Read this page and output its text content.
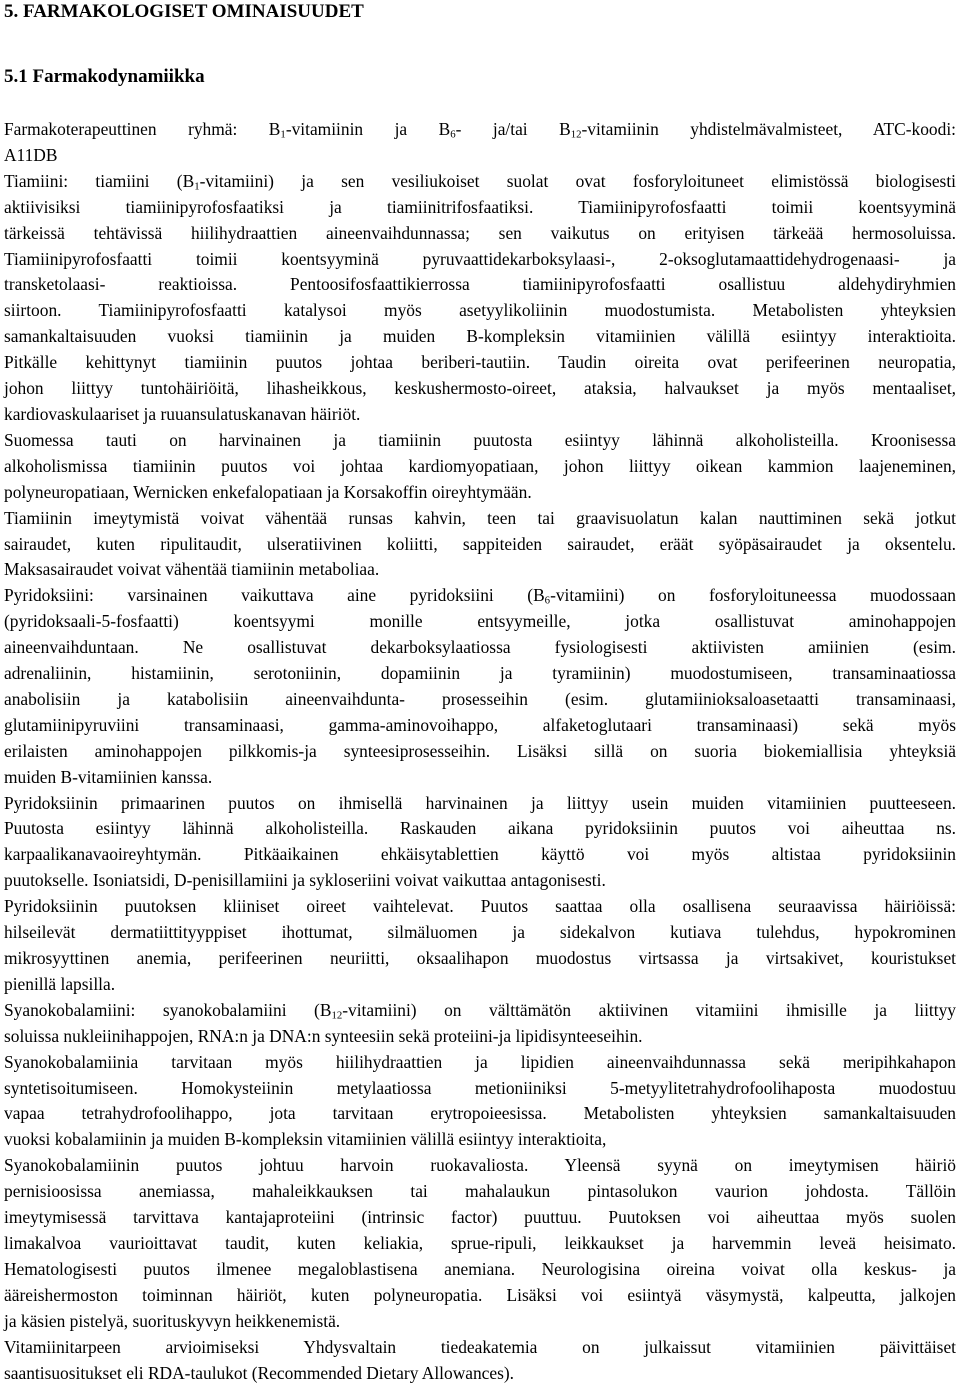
5. FARMAKOLOGISET OMINAISUUDET
5.1 Farmakodynamiikka
Farmakoterapeuttinen ryhmä: $B_1$-vitamiinin ja $B_6-$ ja/tai $B_{12}$-vitamiinin yhdistelmävalmisteet, ATC-koodi:
A11DB
Tiamiini: tiamiini $(B_1-vitamiini)$ ja sen vesiliukoiset suolat ovat fosforyloituneet elimistössä biologisesti
aktiivisiksi tiamiinipyrofosfaatiksi ja tiamiinitrifosfaatiksi. Tiamiinipyrofosfaatti toimii koentsyyminä
tärkeissä tehtävissä hiilihydraattien aineenvaihdunnassa; sen vaikutus on erityisen tärkeää hermosoluissa.
Tiamiinipyrofosfaatti toimii koentsyyminä pyruvaattidekarboksylaasi-, 2-oksoglutamaattidehydrogenaasi- ja
transketolaasi- reaktioissa. Pentoosifosfaattikierrossa tiamiinipyrofosfaatti osallistuu aldehydiryhmien
siirtoon. Tiamiinipyrofosfaatti katalysoi myös asetyylikoliinin muodostumista. Metabolisten yhteyksien
samankaltaisuuden vuoksi tiamiinin ja muiden B-kompleksin vitamiinien välillä esiintyy interaktioita.
Pitkälle kehittynyt tiamiinin puutos johtaa beriberi-tautiin. Taudin oireita ovat perifeerinen neuropatia,
johon liittyy tuntohäiriöitä, lihasheikkous, keskushermosto-oireet, ataksia, halvaukset ja myös mentaaliset,
kardiovaskulaariset ja ruuansulatuskanavan häiriöt.
Suomessa tauti on harvinainen ja tiamiinin puutosta esiintyy lähinnä alkoholisteilla. Kroonisessa
alkoholismissa tiamiinin puutos voi johtaa kardiomyopatiaan, johon liittyy oikean kammion laajeneminen,
polyneuropatiaan, Wernicken enkefalopatiaan ja Korsakoffin oireyhtymään.
Tiamiinin imeytymistä voivat vähentää runsas kahvin, teen tai graavisuolatun kalan nauttiminen sekä jotkut
sairaudet, kuten ripulitaudit, ulseratiivinen koliitti, sappiteiden sairaudet, eräät syöpäsairaudet ja oksentelu.
Maksasairaudet voivat vähentää tiamiinin metaboliaa.
Pyridoksiini: varsinainen vaikuttava aine pyridoksiini $(B_6-vitamiini)$ on fosforyloituneessa muodossaan
(pyridoksaali-5-fosfaatti) koentsyymi monille entsyymeille, jotka osallistuvat aminohappojen
aineenvaihduntaan. Ne osallistuvat dekarboksylaatiossa fysiologisesti aktiivisten amiinien (esim.
adrenaliinin, histamiinin, serotoniinin, dopamiinin ja tyramiinin) muodostumiseen, transaminaatiossa
anabolisiin ja katabolisiin aineenvaihdunta- prosesseihin (esim. glutamiinioksaloasetaatti transaminaasi,
glutamiinipyruviini transaminaasi, gamma-aminovoihappo, alfaketoglutaari transaminaasi) sekä myös
erilaisten aminohappojen pilkkomis-ja synteesiprosesseihin. Lisäksi sillä on suoria biokemiallisia yhteyksiä
muiden B-vitamiinien kanssa.
Pyridoksiinin primaarinen puutos on ihmisellä harvinainen ja liittyy usein muiden vitamiinien puutteeseen.
Puutosta esiintyy lähinnä alkoholisteilla. Raskauden aikana pyridoksiinin puutos voi aiheuttaa ns.
karpaalikanavaoireyhtymän. Pitkäaikainen ehkäisytablettien käyttö voi myös altistaa pyridoksiinin
puutokselle. Isoniatsidi, D-penisillamiini ja sykloseriini voivat vaikuttaa antagonisesti.
Pyridoksiinin puutoksen kliiniset oireet vaihtelevat. Puutos saattaa olla osallisena seuraavissa häiriöissä:
hilseilevät dermatiittityyppiset ihottumat, silmäluomen ja sidekalvon kutiava tulehdus, hypokrominen
mikrosyyttinen anemia, perifeerinen neuriitti, oksaalihapon muodostus virtsassa ja virtsakivet, kouristukset
pienillä lapsilla.
Syanokobalamiini: syanokobalamiini $(B_{12}-vitamiini)$ on välttämätön aktiivinen vitamiini ihmisille ja liittyy
soluissa nukleiinihappojen, RNA:n ja DNA:n synteesiin sekä proteiini-ja lipidisynteeseihin.
Syanokobalamiinia tarvitaan myös hiilihydraattien ja lipidien aineenvaihdunnassa sekä meripihkahapon
syntetisoitumiseen. Homokysteiinin metylaatiossa metioniiniksi 5-metyylitetrahydrofoolihaposta muodostuu
vapaa tetrahydrofoolihappo, jota tarvitaan erytropoieesissa. Metabolisten yhteyksien samankaltaisuuden
vuoksi kobalamiinin ja muiden B-kompleksin vitamiinien välillä esiintyy interaktioita,
Syanokobalamiinin puutos johtuu harvoin ruokavaliosta. Yleensä syynä on imeytymisen häiriö
pernisioosissa anemiassa, mahaleikkauksen tai mahalaukun pintasolukon vaurion johdosta. Tällöin
imeytymisessä tarvittava kantajaproteiini (intrinsic factor) puuttuu. Puutoksen voi aiheuttaa myös suolen
limakalvoa vaurioittavat taudit, kuten keliakia, sprue-ripuli, leikkaukset ja harvemmin leveä heisimato.
Hematologisesti puutos ilmenee megaloblastisena anemiana. Neurologisina oireina voivat olla keskus- ja
ääreishermoston toiminnan häiriöt, kuten polyneuropatia. Lisäksi voi esiintyä väsymystä, kalpeutta, jalkojen
ja käsien pistelyä, suorituskyvyn heikkenemistä.
Vitamiinitarpeen arvioimiseksi Yhdysvaltain tiedeakatemia on julkaissut vitamiinien päivittäiset
saantisuositukset eli RDA-taulukot (Recommended Dietary Allowances).
